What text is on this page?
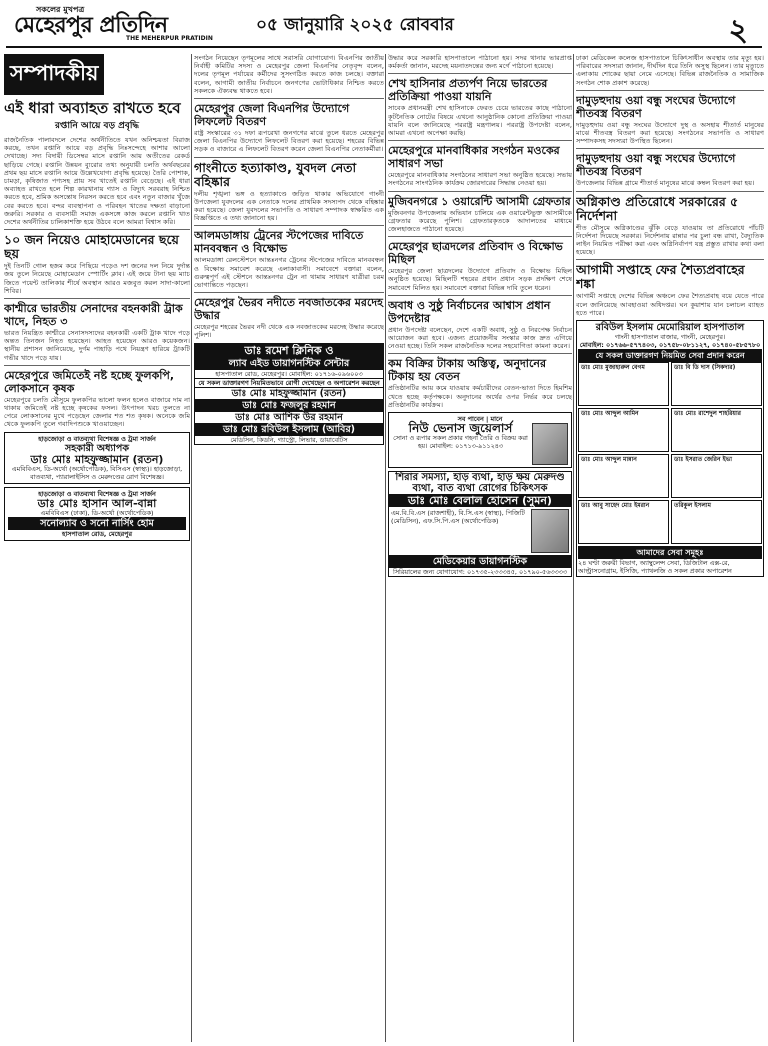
সকলের মুখপত্র
মেহেরপুর প্রতিদিন
THE MEHERPUR PRATIDIN
০৫ জানুয়ারি ২০২৫ রোববার	২
সম্পাদকীয়
এই ধারা অব্যাহত রাখতে হবে
রপ্তানি আয়ে বড় প্রবৃদ্ধি
রাজনৈতিক পালাবদলে দেশের অর্থনীতিতে যখন অনিশ্চয়তা বিরাজ করছে, তখন রপ্তানি আয়ে বড় প্রবৃদ্ধি নিঃসন্দেহে আশার আলো দেখাচ্ছে। সদ্য বিদায়ী ডিসেম্বর মাসে রপ্তানি আয় অতীতের রেকর্ড ছাড়িয়ে গেছে। রপ্তানি উন্নয়ন ব্যুরোর তথ্য অনুযায়ী চলতি অর্থবছরের প্রথম ছয় মাসে রপ্তানি আয়ে উল্লেখযোগ্য প্রবৃদ্ধি হয়েছে। তৈরি পোশাক, চামড়া, কৃষিজাত পণ্যসহ প্রায় সব খাতেই রপ্তানি বেড়েছে। এই ধারা অব্যাহত রাখতে হলে শিল্প কারখানায় গ্যাস ও বিদ্যুৎ সরবরাহ নিশ্চিত করতে হবে, শ্রমিক অসন্তোষ নিরসন করতে হবে এবং নতুন বাজার খুঁজে বের করতে হবে। বন্দর ব্যবস্থাপনা ও পরিবহন খাতের দক্ষতা বাড়ানো জরুরি। সরকার ও ব্যবসায়ী সমাজ একসঙ্গে কাজ করলে রপ্তানি খাত দেশের অর্থনীতির চালিকাশক্তি হয়ে উঠবে বলে আমরা বিশ্বাস করি।
১০ জন নিয়েও মোহামেডানের ছয়ে ছয়
দুই তিনটি গোল হজম করে পিছিয়ে পড়েও দশ জনের দল নিয়ে দুর্দান্ত জয় তুলে নিয়েছে মোহামেডান স্পোর্টিং ক্লাব। এই জয়ে টানা ছয় ম্যাচ জিতে পয়েন্ট তালিকার শীর্ষে অবস্থান আরও মজবুত করল সাদা-কালো শিবির।
কাশ্মীরে ভারতীয় সেনাদের বহনকারী ট্রাক খাদে, নিহত ৩
ভারত নিয়ন্ত্রিত কাশ্মীরে সেনাসদস্যদের বহনকারী একটি ট্রাক খাদে পড়ে অন্তত তিনজন নিহত হয়েছেন। আহত হয়েছেন আরও কয়েকজন। স্থানীয় প্রশাসন জানিয়েছে, দুর্গম পাহাড়ি পথে নিয়ন্ত্রণ হারিয়ে ট্রাকটি গভীর খাদে পড়ে যায়।
মেহেরপুরে জমিতেই নষ্ট হচ্ছে ফুলকপি, লোকসানে কৃষক
মেহেরপুরে চলতি মৌসুমে ফুলকপির ভালো ফলন হলেও বাজারে দাম না থাকায় জমিতেই নষ্ট হচ্ছে কৃষকের ফসল। উৎপাদন খরচ তুলতে না পেরে লোকসানের মুখে পড়েছেন জেলার শত শত কৃষক। অনেকে জমি থেকে ফুলকপি তুলে গবাদিপশুকে খাওয়াচ্ছেন।
হাড়জোড়া ও বাতব্যথা বিশেষজ্ঞ ও ট্রমা সার্জন
সহকারী অধ্যাপক
ডাঃ মোঃ মাহফুজ্জামান (রতন)
এমবিবিএস, ডি-অর্থো (অর্থোপেডিক), বিসিএস (স্বাস্থ্য)। হাড়জোড়া, বাতব্যথা, প্যারালাইসিস ও মেরুদণ্ডের রোগ বিশেষজ্ঞ।
হাড়জোড়া ও বাতব্যথা বিশেষজ্ঞ ও ট্রমা সার্জন
ডাঃ মোঃ হাসান আল-বান্না
এমবিবিএস (ঢাকা), ডি-অর্থো (অর্থোপেডিক)
সনোল্যাব ও সনো নার্সিং হোম
হাসপাতাল রোড, মেহেরপুর
সংগঠন নিয়েছেন তৃণমূলের সাথে সরাসরি যোগাযোগ। বিএনপির জাতীয় নির্বাহী কমিটির সদস্য ও মেহেরপুর জেলা বিএনপির নেতৃবৃন্দ বলেন, দলের তৃণমূল পর্যায়ের কর্মীদের সুসংগঠিত করতে কাজ চলছে। বক্তারা বলেন, আগামী জাতীয় নির্বাচনে জনগণের ভোটাধিকার নিশ্চিত করতে সকলকে ঐক্যবদ্ধ থাকতে হবে।
মেহেরপুর জেলা বিএনপির উদ্যোগে লিফলেট বিতরণ
রাষ্ট্র সংস্কারের ৩১ দফা রূপরেখা জনগণের মাঝে তুলে ধরতে মেহেরপুর জেলা বিএনপির উদ্যোগে লিফলেট বিতরণ করা হয়েছে। শহরের বিভিন্ন সড়ক ও বাজারে এ লিফলেট বিতরণ করেন জেলা বিএনপির নেতাকর্মীরা।
গাংনীতে হত্যাকাণ্ড, যুবদল নেতা বহিষ্কার
দলীয় শৃঙ্খলা ভঙ্গ ও হত্যাকাণ্ডে জড়িত থাকার অভিযোগে গাংনী উপজেলা যুবদলের এক নেতাকে দলের প্রাথমিক সদস্যপদ থেকে বহিষ্কার করা হয়েছে। জেলা যুবদলের সভাপতি ও সাধারণ সম্পাদক স্বাক্ষরিত এক বিজ্ঞপ্তিতে এ তথ্য জানানো হয়।
আলমডাঙ্গায় ট্রেনের স্টপেজের দাবিতে মানববন্ধন ও বিক্ষোভ
আলমডাঙ্গা রেলস্টেশনে আন্তঃনগর ট্রেনের স্টপেজের দাবিতে মানববন্ধন ও বিক্ষোভ সমাবেশ করেছে এলাকাবাসী। সমাবেশে বক্তারা বলেন, গুরুত্বপূর্ণ এই স্টেশনে আন্তঃনগর ট্রেন না থামায় সাধারণ যাত্রীরা চরম ভোগান্তিতে পড়ছেন।
মেহেরপুর ভৈরব নদীতে নবজাতকের মরদেহ উদ্ধার
মেহেরপুর শহরের ভৈরব নদী থেকে এক নবজাতকের মরদেহ উদ্ধার করেছে পুলিশ।
ডাঃ রমেশ ক্লিনিক ও
ল্যাব এইড ডায়াগনস্টিক সেন্টার
হাসপাতাল রোড, মেহেরপুর। মোবাইল: ০১৭১৬-০৯৬০০৩
যে সকল ডাক্তারগণ নিয়মিতভাবে রোগী দেখেছেন ও অপারেশন করছেন
ডাঃ মোঃ মাহফুজ্জামান (রতন)
ডাঃ মোঃ ফজলুর রহমান
ডাঃ মোঃ আশিক উর রহমান
ডাঃ মোঃ রবিউল ইসলাম (আবির)
মেডিসিন, কিডনি, গ্যাস্ট্রো, লিভার, ডায়াবেটিস
উদ্ধার করে সরকারি হাসপাতালে পাঠানো হয়। সদর থানার ভারপ্রাপ্ত কর্মকর্তা জানান, মরদেহ ময়নাতদন্তের জন্য মর্গে পাঠানো হয়েছে।
শেখ হাসিনার প্রত্যর্পণ নিয়ে ভারতের প্রতিক্রিয়া পাওয়া যায়নি
সাবেক প্রধানমন্ত্রী শেখ হাসিনাকে ফেরত চেয়ে ভারতের কাছে পাঠানো কূটনৈতিক নোটের বিষয়ে এখনো আনুষ্ঠানিক কোনো প্রতিক্রিয়া পাওয়া যায়নি বলে জানিয়েছে পররাষ্ট্র মন্ত্রণালয়। পররাষ্ট্র উপদেষ্টা বলেন, আমরা এখনো অপেক্ষা করছি।
মেহেরপুরে মানবাধিকার সংগঠন মওকের সাধারণ সভা
মেহেরপুরে মানবাধিকার সংগঠনের সাধারণ সভা অনুষ্ঠিত হয়েছে। সভায় সংগঠনের সাংগঠনিক কার্যক্রম জোরদারের সিদ্ধান্ত নেওয়া হয়।
মুজিবনগরে ১ ওয়ারেন্টি আসামী গ্রেফতার
মুজিবনগর উপজেলায় অভিযান চালিয়ে এক ওয়ারেন্টভুক্ত আসামীকে গ্রেফতার করেছে পুলিশ। গ্রেফতারকৃতকে আদালতের মাধ্যমে জেলহাজতে পাঠানো হয়েছে।
মেহেরপুর ছাত্রদলের প্রতিবাদ ও বিক্ষোভ মিছিল
মেহেরপুর জেলা ছাত্রদলের উদ্যোগে প্রতিবাদ ও বিক্ষোভ মিছিল অনুষ্ঠিত হয়েছে। মিছিলটি শহরের প্রধান প্রধান সড়ক প্রদক্ষিণ শেষে সমাবেশে মিলিত হয়। সমাবেশে বক্তারা বিভিন্ন দাবি তুলে ধরেন।
অবাধ ও সুষ্ঠু নির্বাচনের আশ্বাস প্রধান উপদেষ্টার
প্রধান উপদেষ্টা বলেছেন, দেশে একটি অবাধ, সুষ্ঠু ও নিরপেক্ষ নির্বাচন আয়োজন করা হবে। এজন্য প্রয়োজনীয় সংস্কার কাজ দ্রুত এগিয়ে নেওয়া হচ্ছে। তিনি সকল রাজনৈতিক দলের সহযোগিতা কামনা করেন।
কম বিক্রির টাকায় অস্তিত্ব, অনুদানের টিকায় হয় বেতন
প্রতিষ্ঠানটির আয় কমে যাওয়ায় কর্মচারীদের বেতন-ভাতা দিতে হিমশিম খেতে হচ্ছে কর্তৃপক্ষকে। অনুদানের অর্থের ওপর নির্ভর করে চলছে প্রতিষ্ঠানটির কার্যক্রম।
সব পাবেন | মানে
নিউ ভেনাস জুয়েলার্স
সোনা ও রূপার সকল প্রকার গহনা তৈরি ও বিক্রয় করা হয়। মোবাইল: ০১৭১৩-৯১১২৪৩
শিরার সমস্যা, হাড় ব্যথা, হাড় ক্ষয় মেরুদণ্ড ব্যথা, বাত ব্যথা রোগের চিকিৎসক
ডাঃ মোঃ বেলাল হোসেন (সুমন)
এম.বি.বি.এস (রাজশাহী), বি.সি.এস (স্বাস্থ্য), পিজিটি (মেডিসিন), এফ.সি.পি.এস (অর্থোপেডিক)
মেডিকেয়ার ডায়াগনস্টিক
সিরিয়ালের জন্য যোগাযোগ: ০১৭৩৫-২৩৩৩৪৫, ০১৭৯০-৫৬৩৩৩৩
ঢাকা মেডিকেল কলেজ হাসপাতালে চিকিৎসাধীন অবস্থায় তার মৃত্যু হয়। পরিবারের সদস্যরা জানান, দীর্ঘদিন ধরে তিনি অসুস্থ ছিলেন। তার মৃত্যুতে এলাকায় শোকের ছায়া নেমে এসেছে। বিভিন্ন রাজনৈতিক ও সামাজিক সংগঠন শোক প্রকাশ করেছে।
দামুড়হুদায় ওয়া বন্ধু সংঘের উদ্যোগে শীতবস্ত্র বিতরণ
দামুড়হুদায় ওয়া বন্ধু সংঘের উদ্যোগে দুস্থ ও অসহায় শীতার্ত মানুষের মাঝে শীতবস্ত্র বিতরণ করা হয়েছে। সংগঠনের সভাপতি ও সাধারণ সম্পাদকসহ সদস্যরা উপস্থিত ছিলেন।
দামুড়হুদায় ওয়া বন্ধু সংঘের উদ্যোগে শীতবস্ত্র বিতরণ
উপজেলার বিভিন্ন গ্রামে শীতার্ত মানুষের মাঝে কম্বল বিতরণ করা হয়।
অগ্নিকাণ্ড প্রতিরোধে সরকারের ৫ নির্দেশনা
শীত মৌসুমে অগ্নিকাণ্ডের ঝুঁকি বেড়ে যাওয়ায় তা প্রতিরোধে পাঁচটি নির্দেশনা দিয়েছে সরকার। নির্দেশনায় রান্নার পর চুলা বন্ধ রাখা, বৈদ্যুতিক লাইন নিয়মিত পরীক্ষা করা এবং অগ্নিনির্বাপণ যন্ত্র প্রস্তুত রাখার কথা বলা হয়েছে।
আগামী সপ্তাহে ফের শৈত্যপ্রবাহের শঙ্কা
আগামী সপ্তাহে দেশের বিভিন্ন অঞ্চলে ফের শৈত্যপ্রবাহ বয়ে যেতে পারে বলে জানিয়েছে আবহাওয়া অধিদপ্তর। ঘন কুয়াশায় যান চলাচল ব্যাহত হতে পারে।
রবিউল ইসলাম মেমোরিয়াল হাসপাতাল
গাংনী হাসপাতাল বাজার, গাংনী, মেহেরপুর।
মোবাইল: ০১৭৬৬-৫৭৭৪০৩, ০১৭৫৮-০৮১১২৭, ০১৭৪০-৫৮৫৭৮০
যে সকল ডাক্তারগণ নিয়মিত সেবা প্রদান করেন
ডাঃ মোঃ মুজাহারুল বেগম	ডাঃ বি ডি দাস (সিকদার)
ডাঃ মোঃ আব্দুল আমিন	ডাঃ মোঃ রাশেদুল শাহরিয়ার
ডাঃ মোঃ আব্দুল মান্নান	ডাঃ ইসরাত জেরিন ইভা
ডাঃ আবু সাহেদ মোঃ ইমরান	তরিকুল ইসলাম
আমাদের সেবা সমূহঃ
২৪ ঘণ্টা জরুরী বিভাগ, অ্যাম্বুলেন্স সেবা, ডিজিটাল এক্স-রে, আল্ট্রাসনোগ্রাম, ইসিজি, প্যাথলজি ও সকল প্রকার অপারেশন
